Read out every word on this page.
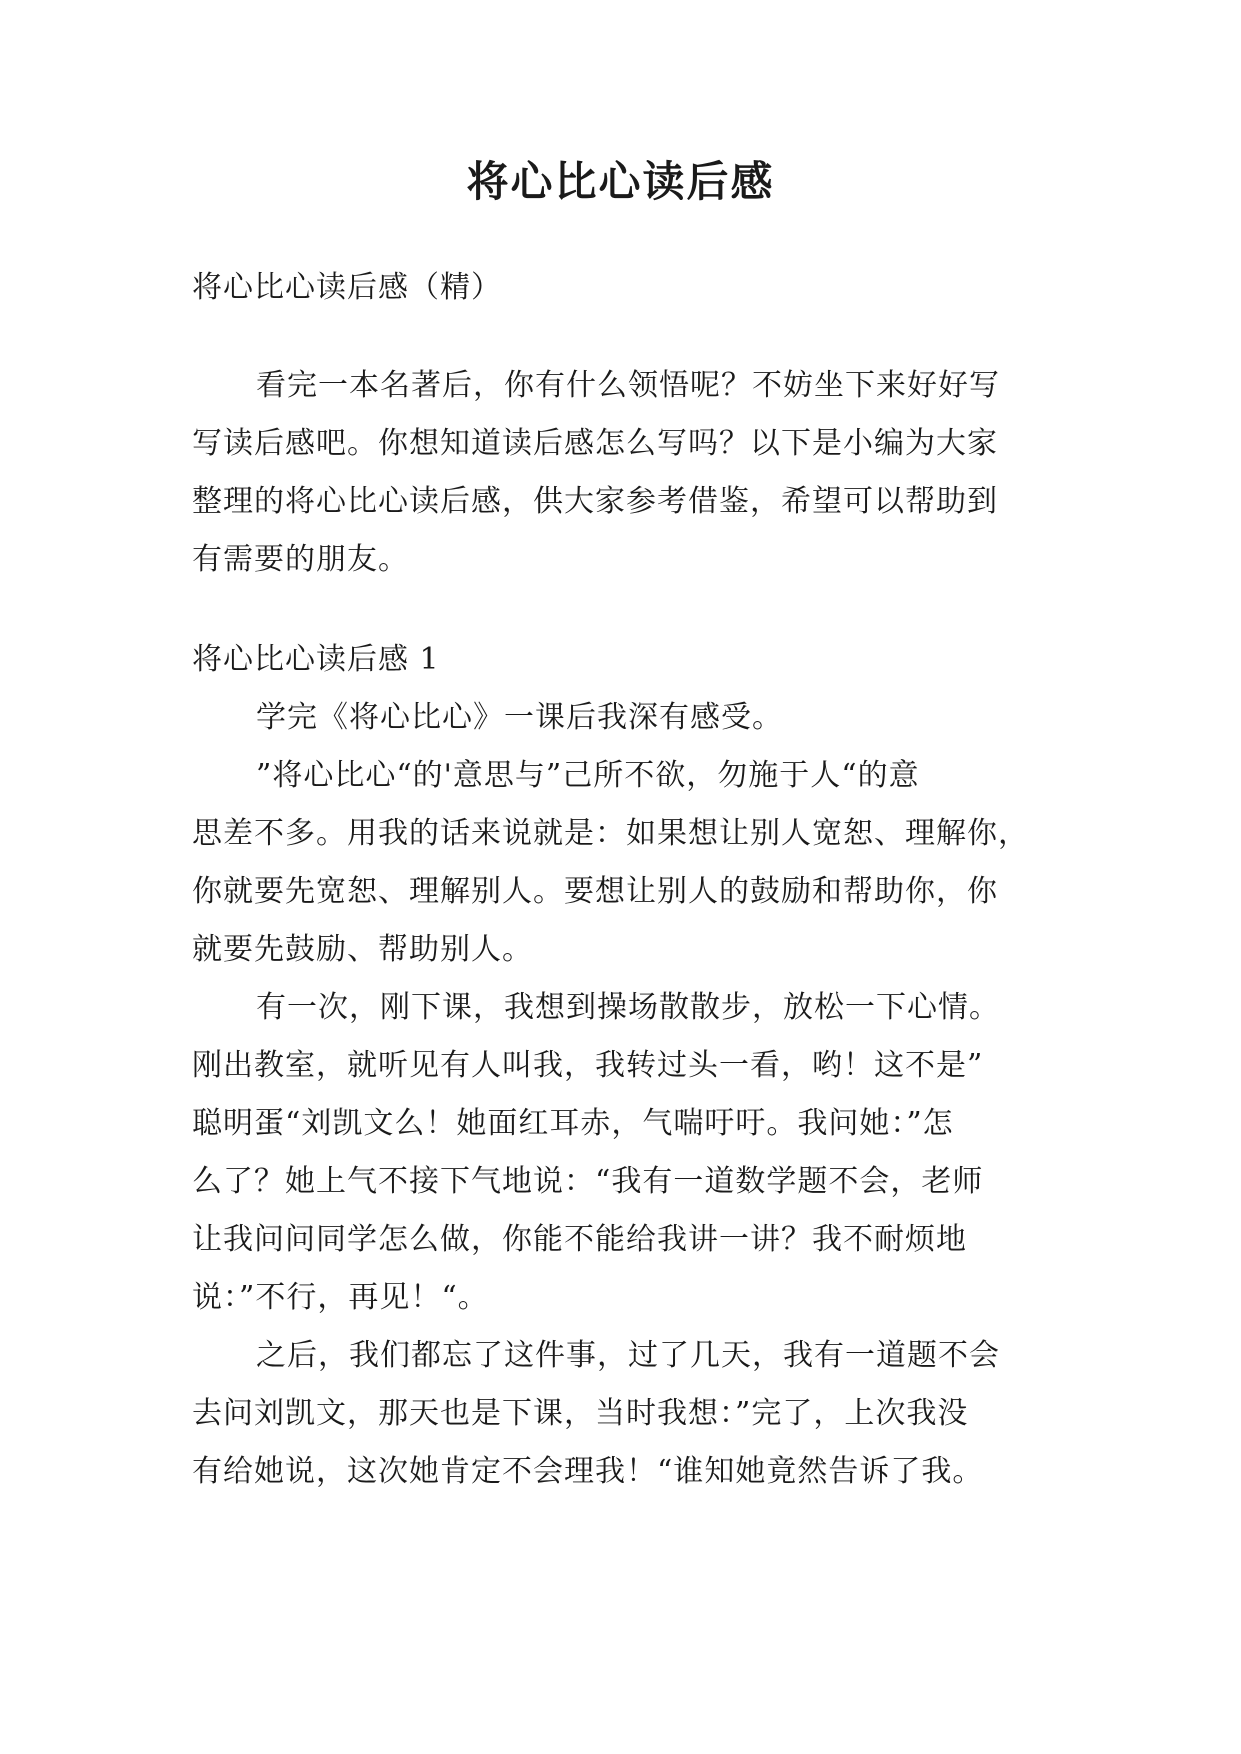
将心比心读后感

将心比心读后感（精）

看完一本名著后，你有什么领悟呢？不妨坐下来好好写

写读后感吧。你想知道读后感怎么写吗？以下是小编为大家

整理的将心比心读后感，供大家参考借鉴，希望可以帮助到

有需要的朋友。

将心比心读后感 1

学完《将心比心》一课后我深有感受。

”将心比心“的'意思与”己所不欲，勿施于人“的意

思差不多。用我的话来说就是：如果想让别人宽恕、理解你，

你就要先宽恕、理解别人。要想让别人的鼓励和帮助你，你

就要先鼓励、帮助别人。

有一次，刚下课，我想到操场散散步，放松一下心情。

刚出教室，就听见有人叫我，我转过头一看，哟！这不是”

聪明蛋“刘凯文么！她面红耳赤，气喘吁吁。我问她：”怎

么了？她上气不接下气地说：“我有一道数学题不会，老师

让我问问同学怎么做，你能不能给我讲一讲？我不耐烦地

说：”不行，再见！“。

之后，我们都忘了这件事，过了几天，我有一道题不会

去问刘凯文，那天也是下课，当时我想：”完了，上次我没

有给她说，这次她肯定不会理我！“谁知她竟然告诉了我。
